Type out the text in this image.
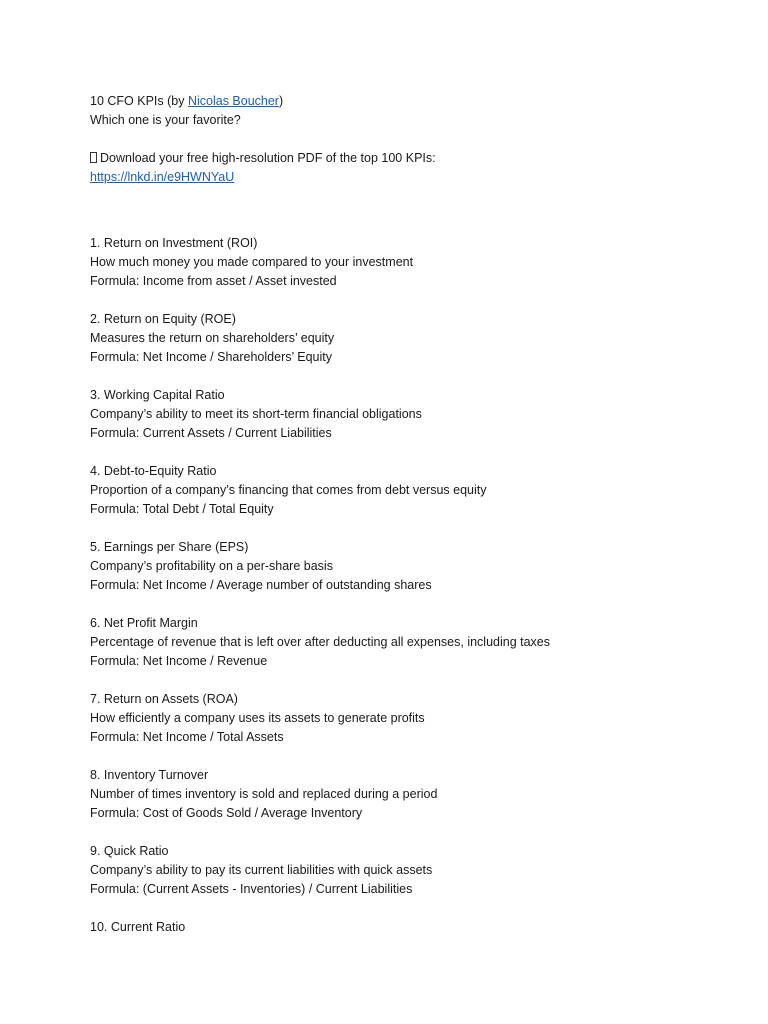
10 CFO KPIs (by Nicolas Boucher)
Which one is your favorite?
Download your free high-resolution PDF of the top 100 KPIs:
https://lnkd.in/e9HWNYaU
1. Return on Investment (ROI)
How much money you made compared to your investment
Formula: Income from asset / Asset invested
2. Return on Equity (ROE)
Measures the return on shareholders’ equity
Formula: Net Income / Shareholders’ Equity
3. Working Capital Ratio
Company’s ability to meet its short-term financial obligations
Formula: Current Assets / Current Liabilities
4. Debt-to-Equity Ratio
Proportion of a company’s financing that comes from debt versus equity
Formula: Total Debt / Total Equity
5. Earnings per Share (EPS)
Company’s profitability on a per-share basis
Formula: Net Income / Average number of outstanding shares
6. Net Profit Margin
Percentage of revenue that is left over after deducting all expenses, including taxes
Formula: Net Income / Revenue
7. Return on Assets (ROA)
How efficiently a company uses its assets to generate profits
Formula: Net Income / Total Assets
8. Inventory Turnover
Number of times inventory is sold and replaced during a period
Formula: Cost of Goods Sold / Average Inventory
9. Quick Ratio
Company’s ability to pay its current liabilities with quick assets
Formula: (Current Assets - Inventories) / Current Liabilities
10. Current Ratio
